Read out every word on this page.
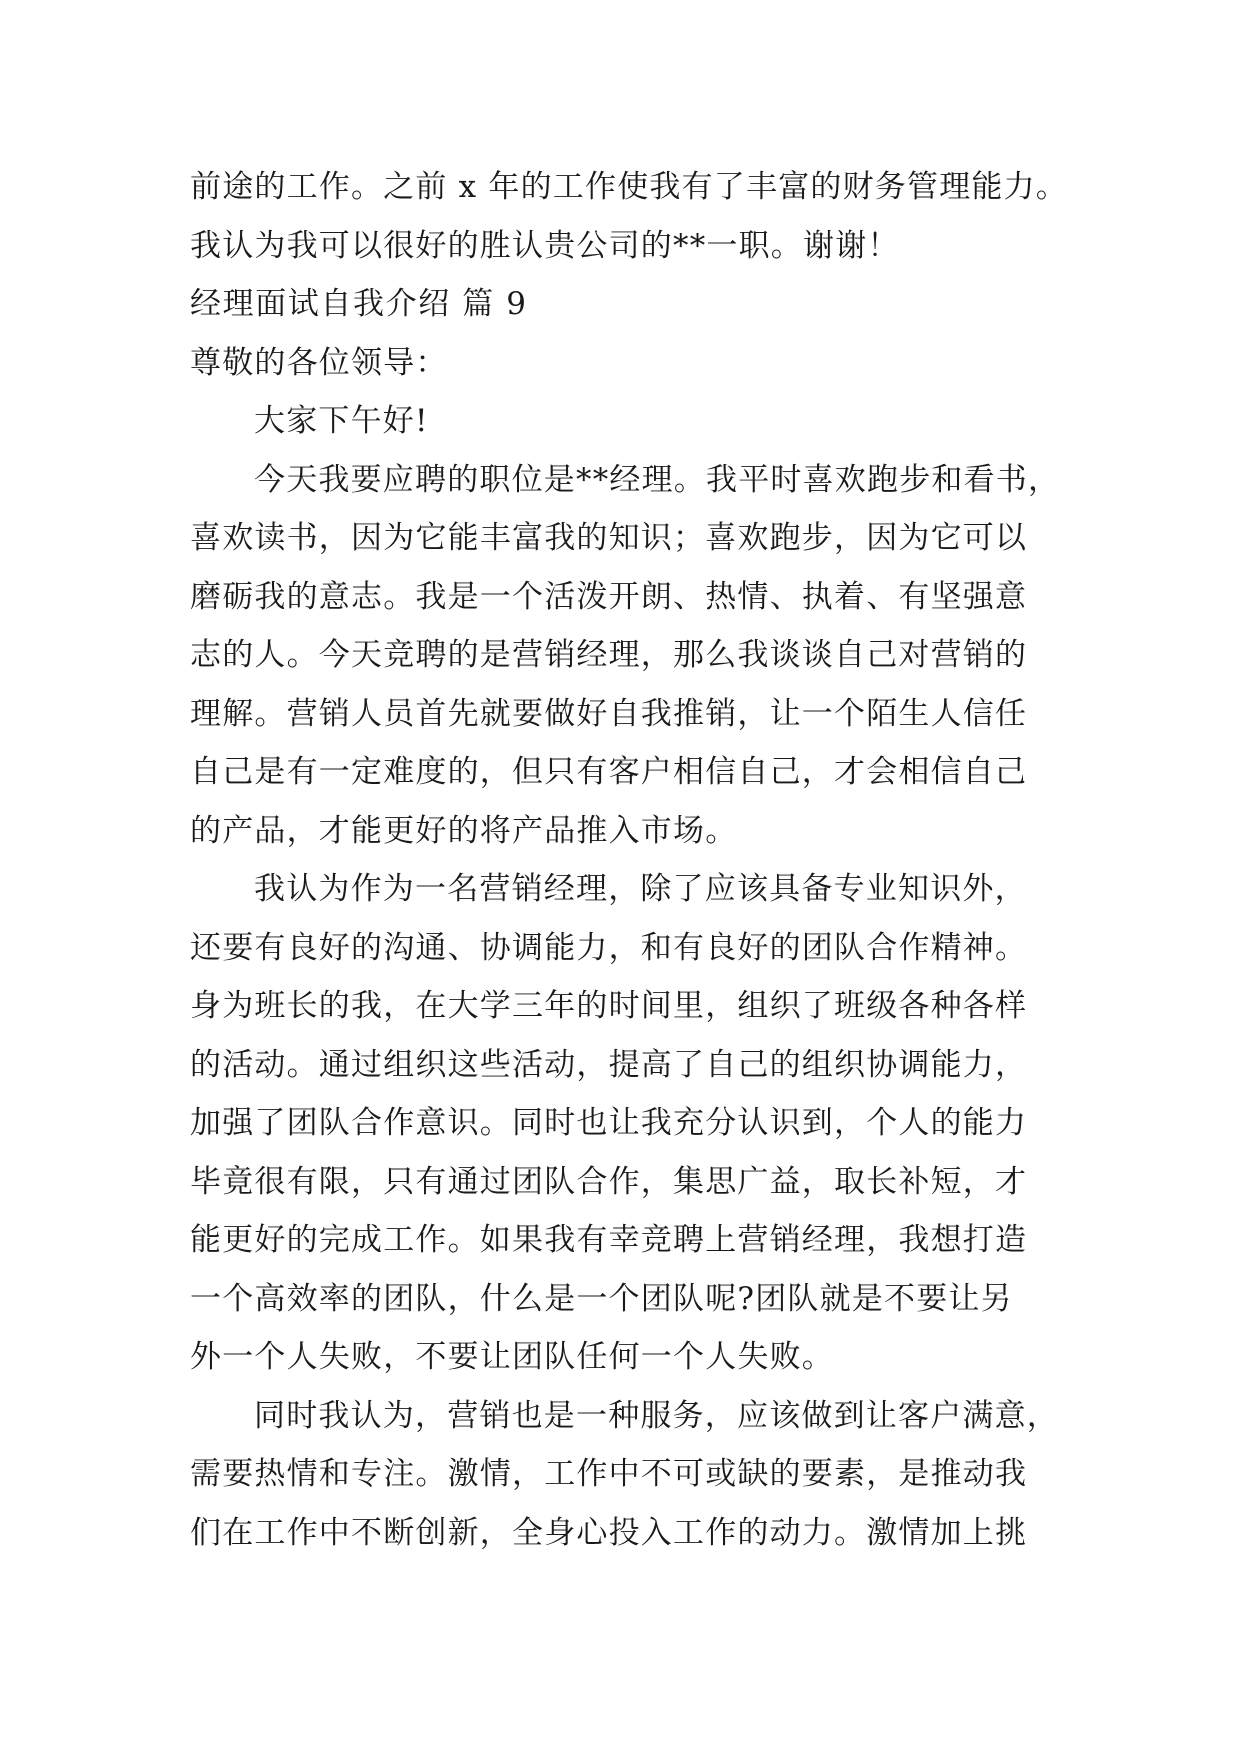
前途的工作。之前 x 年的工作使我有了丰富的财务管理能力。
我认为我可以很好的胜认贵公司的**一职。谢谢！
经理面试自我介绍 篇 9
尊敬的各位领导：
大家下午好!
今天我要应聘的职位是**经理。我平时喜欢跑步和看书，
喜欢读书，因为它能丰富我的知识；喜欢跑步，因为它可以
磨砺我的意志。我是一个活泼开朗、热情、执着、有坚强意
志的人。今天竞聘的是营销经理，那么我谈谈自己对营销的
理解。营销人员首先就要做好自我推销，让一个陌生人信任
自己是有一定难度的，但只有客户相信自己，才会相信自己
的产品，才能更好的将产品推入市场。
我认为作为一名营销经理，除了应该具备专业知识外，
还要有良好的沟通、协调能力，和有良好的团队合作精神。
身为班长的我，在大学三年的时间里，组织了班级各种各样
的活动。通过组织这些活动，提高了自己的组织协调能力，
加强了团队合作意识。同时也让我充分认识到，个人的能力
毕竟很有限，只有通过团队合作，集思广益，取长补短，才
能更好的完成工作。如果我有幸竞聘上营销经理，我想打造
一个高效率的团队，什么是一个团队呢?团队就是不要让另
外一个人失败，不要让团队任何一个人失败。
同时我认为，营销也是一种服务，应该做到让客户满意，
需要热情和专注。激情，工作中不可或缺的要素，是推动我
们在工作中不断创新，全身心投入工作的动力。激情加上挑
